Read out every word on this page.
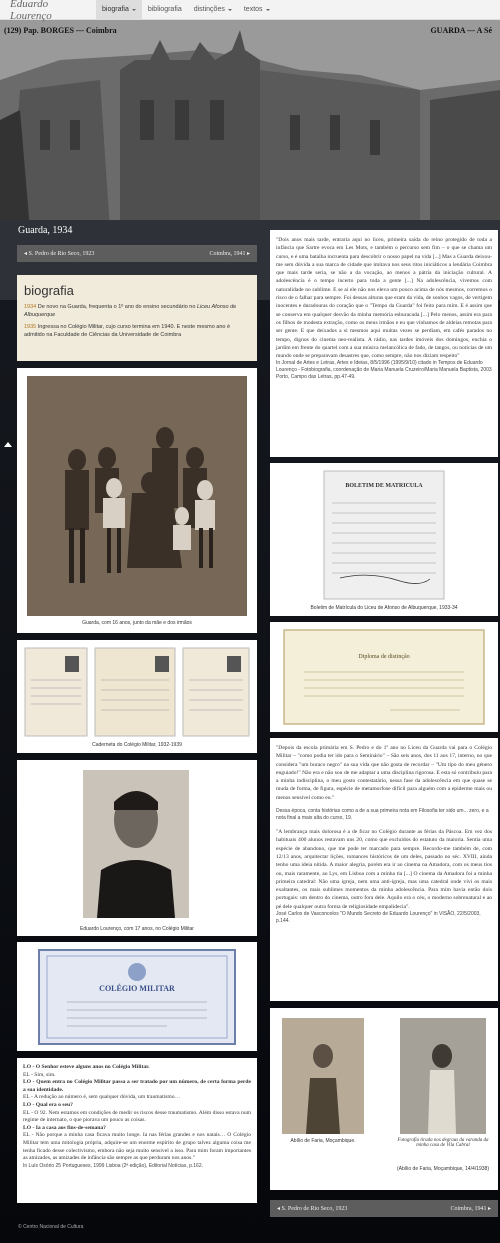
Eduardo Lourenço	biografia	bibliografia distinções	textos
(129) Pap. BORGES — Coimbra	GUARDA — A Sé
Guarda, 1934
◂ S. Pedro de Rio Seco, 1923	Coimbra, 1941 ▸
biografia
1934 De novo na Guarda, frequenta o 1º ano do ensino secundário no Liceu Afonso de Albuquerque
1935 Ingressa no Colégio Militar, cujo curso termina em 1940. E neste mesmo ano é admitido na Faculdade de Ciências da Universidade de Coimbra
Guarda, com 16 anos, junto da mãe e dos irmãos
Caderneta do Colégio Militar, 1932-1939
Eduardo Lourenço, com 17 anos, no Colégio Militar
COLÉGIO MILITAR
LO - O Senhor esteve alguns anos no Colégio Militar.
EL - Sim, sim.
LO - Quem entra no Colégio Militar passa a ser tratado por um número, de certa forma perde a sua identidade.
EL - A redução ao número é, sem qualquer dúvida, um traumatismo…
LO - Qual era o seu?
EL - O 92. Nem estamos em condições de medir os riscos desse traumatismo. Além disso estava num regime de internato, o que piorava um pouco as coisas.
LO - Ia a casa aos fins-de-semana?
EL - Não porque a minha casa ficava muito longe. Ia nas férias grandes e nos natais… O Colégio Militar tem uma mitologia própria, adquire-se um enorme espírito de grupo talvez alguma coisa me tenha ficado desse colectivismo, embora não seja muito sensível a isso. Para mim foram importantes as amizades, as amizades de infância são sempre as que perduram nos anos."
In Luís Osório 25 Portugueses, 1999 Lisboa (2ª edição), Editorial Notícias, p.162.
"Dois anos mais tarde, entraria aqui no liceu, primeira saída do reino protegido de toda a infância que Sartre evoca em Les Mots, e também o percurso sem fim – o que se chama um curso, e é uma batalha incruenta para descobrir o nosso papel na vida [...] Mas a Guarda deixou-me sem dúvida a sua marca de cidade que imitava nos seus ritos iniciáticos a lendária Coimbra que mais tarde seria, se não a da vocação, ao menos a pátria da iniciação cultural. A adolescência é o tempo incerto para toda a gente [...] Na adolescência, vivemos com naturalidade no sublime. E se aí ele não nos eleva um pouco acima de nós mesmos, corremos o risco de o falhar para sempre. Foi dessas alturas que eram da vida, de sonhos vagos, de vertigem inocentes e duradouras do coração que o "Tempo da Guarda" foi feito para mim. E é assim que se conserva em qualquer desvão da minha memória esburacada [...] Pelo menos, assim era para os filhos de modesta extração, como os meus irmãos e eu que vínhamos de aldeias remotas para ser gente. E que deixados a si mesmos aqui muitas vezes se perdiam, em cafés parados no tempo, dignos do cinema neo-realista. A rádio, nas tardes imóveis dos domingos, enchia o jardim em frente do quartel com a sua música melancólica de fado, de tangos, ou notícias de um mundo onde se preparavam desastres que, como sempre, não nos diziam respeito"
In Jornal de Artes e Letras, Artes e Ideias, 8/5/1996 (1995/9/10) citado in Tempos de Eduardo Lourenço - Fotobiografia, coordenação de Maria Manuela Cruzeiro/Maria Manuela Baptista, 2003 Porto, Campo das Letras, pp.47-49.
BOLETIM DE MATRICULA
Boletim de Matrícula do Liceu de Afonso de Albuquerque, 1933-34
Diploma de distinção
"Depois da escola primária em S. Pedro e do 1º ano no Liceu da Guarda vai para o Colégio Militar – "como podia ter ido para o Seminário" – São seis anos, dos 11 aos 17, interno, no que considera "um buraco negro" na sua vida que não gosta de recordar – "Um tipo do meu género enguiado!" Não era e não sou de me adaptar a uma disciplina rigorosa. E esta só contribuiu para a minha indisciplina, o meu gosto contestatário, nessa fase da adolescência em que quase se muda de forma, de figura, espécie de metamorfose difícil para alguém com a epiderme mais ou menos sensível como eu."
Dessa época, conta histórias como a de a sua primeira nota em Filosofia ter sido um... zero, e a nota final a mais alta do curso, 19.
"A lembrança mais dolorosa é a de ficar no Colégio durante as férias da Páscoa. Em vez dos habituais 400 alunos restavam uns 20, como que excluídos do estatuto da maioria. Sentia uma espécie de abandono, que me pode ter marcado para sempre. Recordo-me também de, com 12/13 anos, arquitectar lições, romances históricos de um deles, passado no séc. XVIII, ainda tenho uma ideia nítida. A maior alegria, porém era ir ao cinema na Amadora, com os meus tios ou, mais raramente, ao Lys, em Lisboa com a minha tia [...] O cinema da Amadora foi a minha primeira catedral: Não uma igreja, nem uma anti-igreja, mas uma catedral onde vivi os mais exaltantes, os mais sublimes momentos da minha adolescência. Para mim havia então dois portugais: um dentro do cinema, outro fora dele. Aquilo era o céu, o moderno sobrenatural e ao pé dele qualquer outra forma de religiosidade empalidecia".
José Carlos de Vasconcelos "O Mundo Secreto de Eduardo Lourenço" in VISÃO, 22/5/2003, p.144.
Abílio de Faria, Moçambique.	Fotografia tirada nos degraus da varanda da minha casa de Vila Cabral
(Abílio de Faria, Moçambique, 14/4/1938)
◂ S. Pedro de Rio Seco, 1923	Coimbra, 1941 ▸
© Centro Nacional de Cultura
